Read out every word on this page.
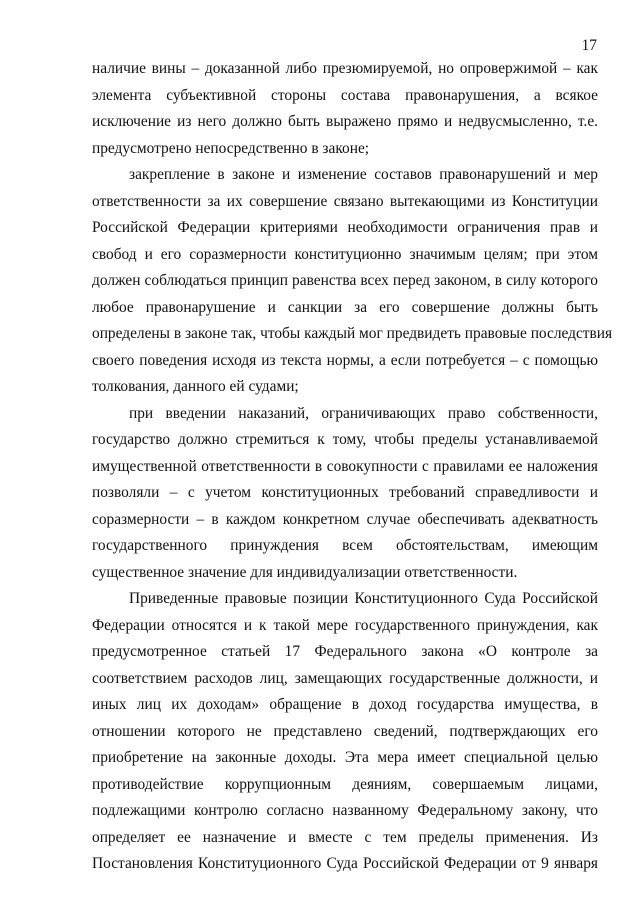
17
наличие вины – доказанной либо презюмируемой, но опровержимой – как
элемента субъективной стороны состава правонарушения, а всякое
исключение из него должно быть выражено прямо и недвусмысленно, т.е.
предусмотрено непосредственно в законе;
закрепление в законе и изменение составов правонарушений и мер
ответственности за их совершение связано вытекающими из Конституции
Российской Федерации критериями необходимости ограничения прав и
свобод и его соразмерности конституционно значимым целям; при этом
должен соблюдаться принцип равенства всех перед законом, в силу которого
любое правонарушение и санкции за его совершение должны быть
определены в законе так, чтобы каждый мог предвидеть правовые последствия
своего поведения исходя из текста нормы, а если потребуется – с помощью
толкования, данного ей судами;
при введении наказаний, ограничивающих право собственности,
государство должно стремиться к тому, чтобы пределы устанавливаемой
имущественной ответственности в совокупности с правилами ее наложения
позволяли – с учетом конституционных требований справедливости и
соразмерности – в каждом конкретном случае обеспечивать адекватность
государственного принуждения всем обстоятельствам, имеющим
существенное значение для индивидуализации ответственности.
Приведенные правовые позиции Конституционного Суда Российской
Федерации относятся и к такой мере государственного принуждения, как
предусмотренное статьей 17 Федерального закона «О контроле за
соответствием расходов лиц, замещающих государственные должности, и
иных лиц их доходам» обращение в доход государства имущества, в
отношении которого не представлено сведений, подтверждающих его
приобретение на законные доходы. Эта мера имеет специальной целью
противодействие коррупционным деяниям, совершаемым лицами,
подлежащими контролю согласно названному Федеральному закону, что
определяет ее назначение и вместе с тем пределы применения. Из
Постановления Конституционного Суда Российской Федерации от 9 января
